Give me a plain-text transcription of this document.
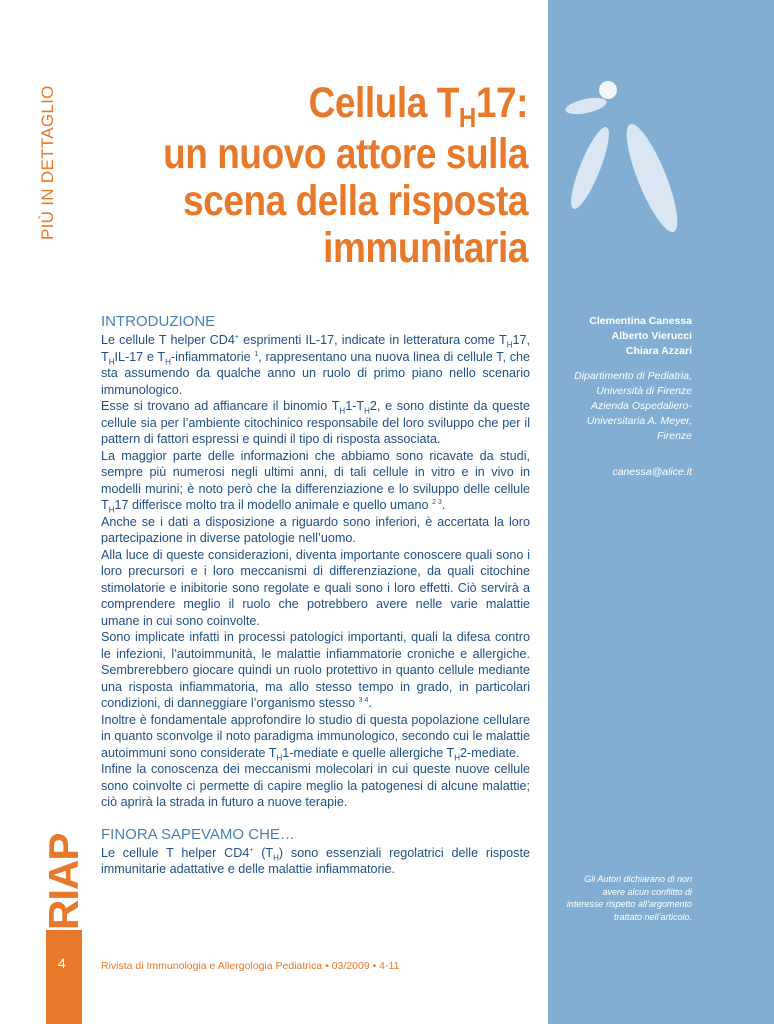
PIÙ IN DETTAGLIO
RIAP
4
Cellula $T_H17$:
un nuovo attore sulla
scena della risposta
immunitaria
Clementina Canessa
Alberto Vierucci
Chiara Azzari
Dipartimento di Pediatria,
Università di Firenze
Azienda Ospedaliero-
Universitaria A. Meyer,
Firenze
canessa@alice.it
Gli Autori dichiarano di non
avere alcun conflitto di
interesse rispetto all’argomento
trattato nell’articolo.
INTRODUZIONE

Le cellule T helper CD4+ esprimenti IL-17, indicate in letteratura come $T_H17$, $T_HIL-17$ e $T_H$-infiammatorie $^1$, rappresentano una nuova linea di cellule T, che sta assumendo da qualche anno un ruolo di primo piano nello scenario immunologico.

Esse si trovano ad affiancare il binomio $T_H1-T_H2$, e sono distinte da queste cellule sia per l’ambiente citochinico responsabile del loro sviluppo che per il pattern di fattori espressi e quindi il tipo di risposta associata.

La maggior parte delle informazioni che abbiamo sono ricavate da studi, sempre più numerosi negli ultimi anni, di tali cellule in vitro e in vivo in modelli murini; è noto però che la differenziazione e lo sviluppo delle cellule $T_H17$ differisce molto tra il modello animale e quello umano $^{2 3}$.

Anche se i dati a disposizione a riguardo sono inferiori, è accertata la loro partecipazione in diverse patologie nell’uomo.

Alla luce di queste considerazioni, diventa importante conoscere quali sono i loro precursori e i loro meccanismi di differenziazione, da quali citochine stimolatorie e inibitorie sono regolate e quali sono i loro effetti. Ciò servirà a comprendere meglio il ruolo che potrebbero avere nelle varie malattie umane in cui sono coinvolte.

Sono implicate infatti in processi patologici importanti, quali la difesa contro le infezioni, l’autoimmunità, le malattie infiammatorie croniche e allergiche. Sembrerebbero giocare quindi un ruolo protettivo in quanto cellule mediante una risposta infiammatoria, ma allo stesso tempo in grado, in particolari condizioni, di danneggiare l’organismo stesso $^{3 4}$.

Inoltre è fondamentale approfondire lo studio di questa popolazione cellulare in quanto sconvolge il noto paradigma immunologico, secondo cui le malattie autoimmuni sono considerate $T_H1$-mediate e quelle allergiche $T_H2$-mediate.

Infine la conoscenza dei meccanismi molecolari in cui queste nuove cellule sono coinvolte ci permette di capire meglio la patogenesi di alcune malattie; ciò aprirà la strada in futuro a nuove terapie.

FINORA SAPEVAMO CHE…

Le cellule T helper CD4+ $(T_H)$ sono essenziali regolatrici delle risposte immunitarie adattative e delle malattie infiammatorie.

Rivista di Immunologia e Allergologia Pediatrica • 03/2009 • 4-11
